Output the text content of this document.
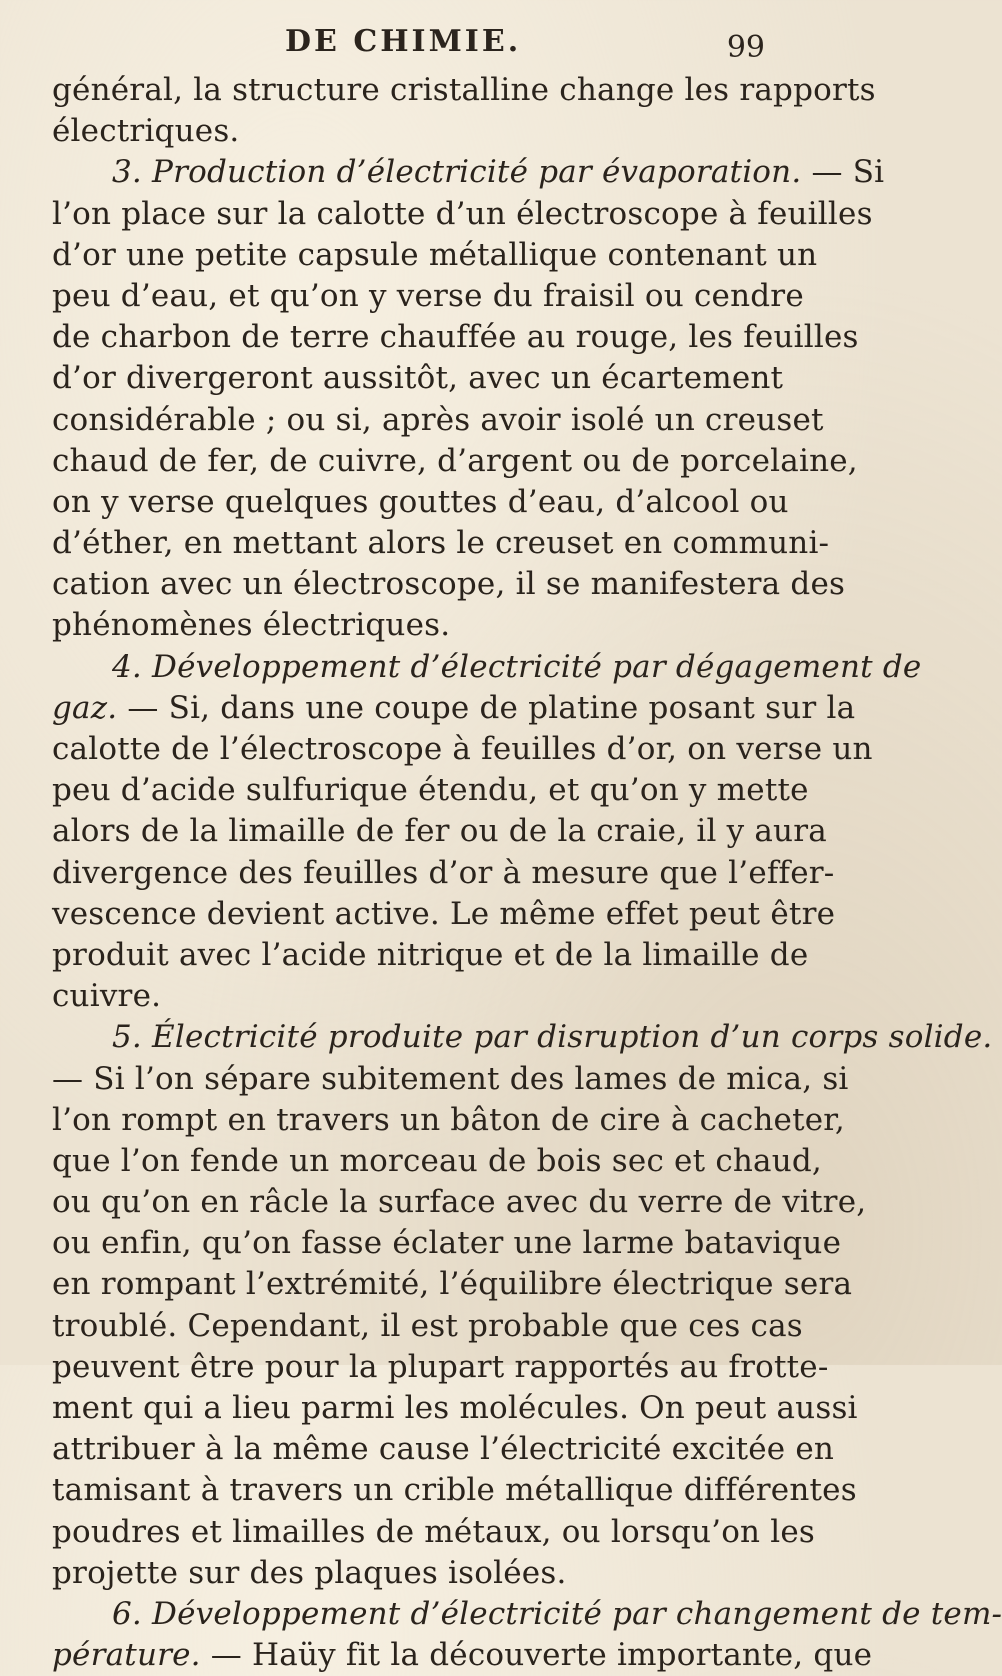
DE CHIMIE.	99
général, la structure cristalline change les rapports
électriques.
3. Production d’électricité par évaporation. — Si
l’on place sur la calotte d’un électroscope à feuilles
d’or une petite capsule métallique contenant un
peu d’eau, et qu’on y verse du fraisil ou cendre
de charbon de terre chauffée au rouge, les feuilles
d’or divergeront aussitôt, avec un écartement
considérable ; ou si, après avoir isolé un creuset
chaud de fer, de cuivre, d’argent ou de porcelaine,
on y verse quelques gouttes d’eau, d’alcool ou
d’éther, en mettant alors le creuset en communi-
cation avec un électroscope, il se manifestera des
phénomènes électriques.
4. Développement d’électricité par dégagement de
gaz. — Si, dans une coupe de platine posant sur la
calotte de l’électroscope à feuilles d’or, on verse un
peu d’acide sulfurique étendu, et qu’on y mette
alors de la limaille de fer ou de la craie, il y aura
divergence des feuilles d’or à mesure que l’effer-
vescence devient active. Le même effet peut être
produit avec l’acide nitrique et de la limaille de
cuivre.
5. Électricité produite par disruption d’un corps solide.
— Si l’on sépare subitement des lames de mica, si
l’on rompt en travers un bâton de cire à cacheter,
que l’on fende un morceau de bois sec et chaud,
ou qu’on en râcle la surface avec du verre de vitre,
ou enfin, qu’on fasse éclater une larme batavique
en rompant l’extrémité, l’équilibre électrique sera
troublé. Cependant, il est probable que ces cas
peuvent être pour la plupart rapportés au frotte-
ment qui a lieu parmi les molécules. On peut aussi
attribuer à la même cause l’électricité excitée en
tamisant à travers un crible métallique différentes
poudres et limailles de métaux, ou lorsqu’on les
projette sur des plaques isolées.
6. Développement d’électricité par changement de tem-
pérature. — Haüy fit la découverte importante, que
